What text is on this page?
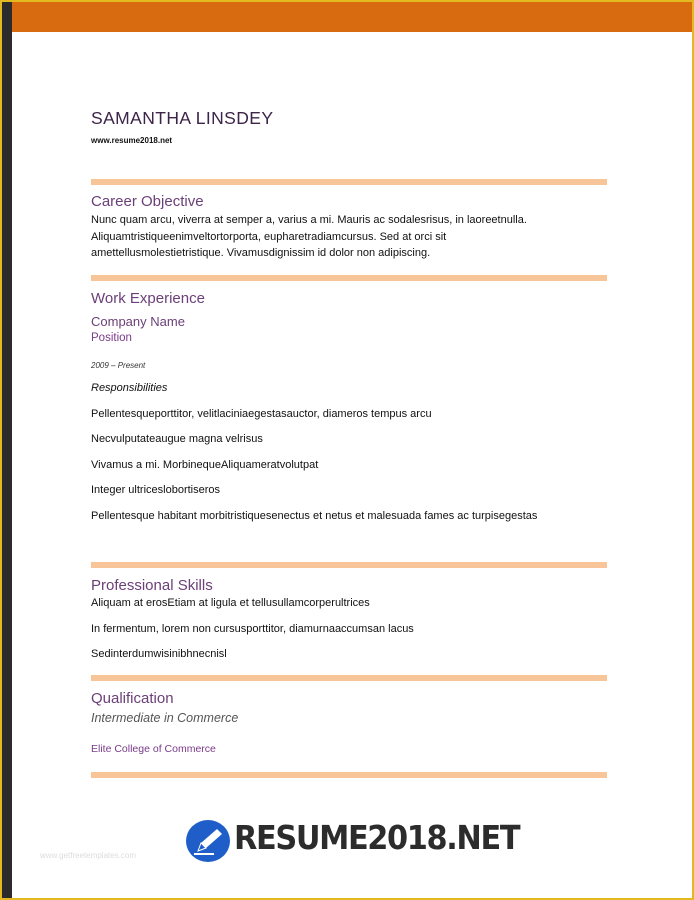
SAMANTHA LINSDEY
www.resume2018.net
Career Objective
Nunc quam arcu, viverra at semper a, varius a mi. Mauris ac sodalesrisus, in laoreetnulla.
Aliquamtristiqueenimveltortorporta, eupharetradiamcursus. Sed at orci sit
amettellusmolestietristique. Vivamusdignissim id dolor non adipiscing.
Work Experience
Company Name
Position
2009 – Present
Responsibilities
Pellentesqueporttitor, velitlaciniaegestasauctor, diameros tempus arcu
Necvulputateaugue magna velrisus
Vivamus a mi. MorbinequeAliquameratvolutpat
Integer ultriceslobortiseros
Pellentesque habitant morbitristiquesenectus et netus et malesuada fames ac turpisegestas
Professional Skills
Aliquam at erosEtiam at ligula et tellusullamcorperultrices
In fermentum, lorem non cursusporttitor, diamurnaaccumsan lacus
Sedinterdumwisinibhnecnisl
Qualification
Intermediate in Commerce
Elite College of Commerce
www.getfreetemplates.com	RESUME2018.NET
